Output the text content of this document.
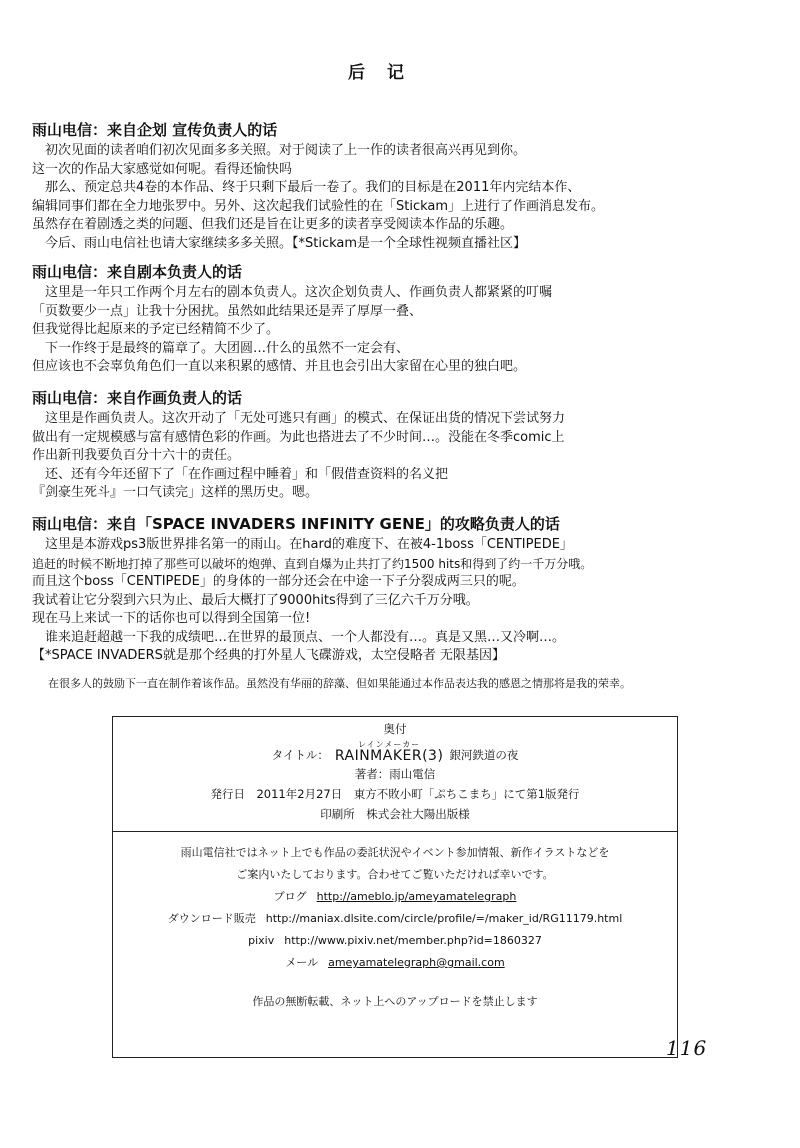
后 记

雨山电信：来自企划 宣传负责人的话

　初次见面的读者咱们初次见面多多关照。对于阅读了上一作的读者很高兴再见到你。

这一次的作品大家感觉如何呢。看得还愉快吗

　那么、预定总共4卷的本作品、终于只剩下最后一卷了。我们的目标是在2011年内完结本作、

编辑同事们都在全力地张罗中。另外、这次起我们试验性的在「Stickam」上进行了作画消息发布。

虽然存在着剧透之类的问题、但我们还是旨在让更多的读者享受阅读本作品的乐趣。

　今后、雨山电信社也请大家继续多多关照。【*Stickam是一个全球性视频直播社区】

雨山电信：来自剧本负责人的话

　这里是一年只工作两个月左右的剧本负责人。这次企划负责人、作画负责人都紧紧的叮嘱

「页数要少一点」让我十分困扰。虽然如此结果还是弄了厚厚一叠、

但我觉得比起原来的予定已经精简不少了。

　下一作终于是最终的篇章了。大团圆…什么的虽然不一定会有、

但应该也不会辜负角色们一直以来积累的感情、并且也会引出大家留在心里的独白吧。

雨山电信：来自作画负责人的话

　这里是作画负责人。这次开动了「无处可逃只有画」的模式、在保证出货的情况下尝试努力

做出有一定规模感与富有感情色彩的作画。为此也搭进去了不少时间…。没能在冬季comic上

作出新刊我要负百分十六十的责任。

　还、还有今年还留下了「在作画过程中睡着」和「假借查资料的名义把

『剑豪生死斗』一口气读完」这样的黑历史。嗯。

雨山电信：来自「SPACE INVADERS INFINITY GENE」的攻略负责人的话

　这里是本游戏ps3版世界排名第一的雨山。在hard的难度下、在被4-1boss「CENTIPEDE」

追赶的时候不断地打掉了那些可以破坏的炮弹、直到自爆为止共打了约1500 hits和得到了约一千万分哦。

而且这个boss「CENTIPEDE」的身体的一部分还会在中途一下子分裂成两三只的呢。

我试着让它分裂到六只为止、最后大概打了9000hits得到了三亿六千万分哦。

现在马上来试一下的话你也可以得到全国第一位!

　谁来追赶超越一下我的成绩吧…在世界的最顶点、一个人都没有…。真是又黑…又冷啊…。

【*SPACE INVADERS就是那个经典的打外星人飞碟游戏，太空侵略者 无限基因】

在很多人的鼓励下一直在制作着该作品。虽然没有华丽的辞藻、但如果能通过本作品表达我的感恩之情那将是我的荣幸。
奥付
タイトル：
レインメーカー
RAINMAKER(3) 銀河鉄道の夜
著者：雨山電信
発行日　2011年2月27日　東方不敗小町「ぷちこまち」にて第1版発行
印刷所　株式会社大陽出版様
雨山電信社ではネット上でも作品の委託状況やイベント参加情報、新作イラストなどを
ご案内いたしております。合わせてご覧いただければ幸いです。
ブログ http://ameblo.jp/ameyamatelegraph
ダウンロード販売 http://maniax.dlsite.com/circle/profile/=/maker_id/RG11179.html
pixiv http://www.pixiv.net/member.php?id=1860327
メール ameyamatelegraph@gmail.com
作品の無断転載、ネット上へのアップロードを禁止します
116
